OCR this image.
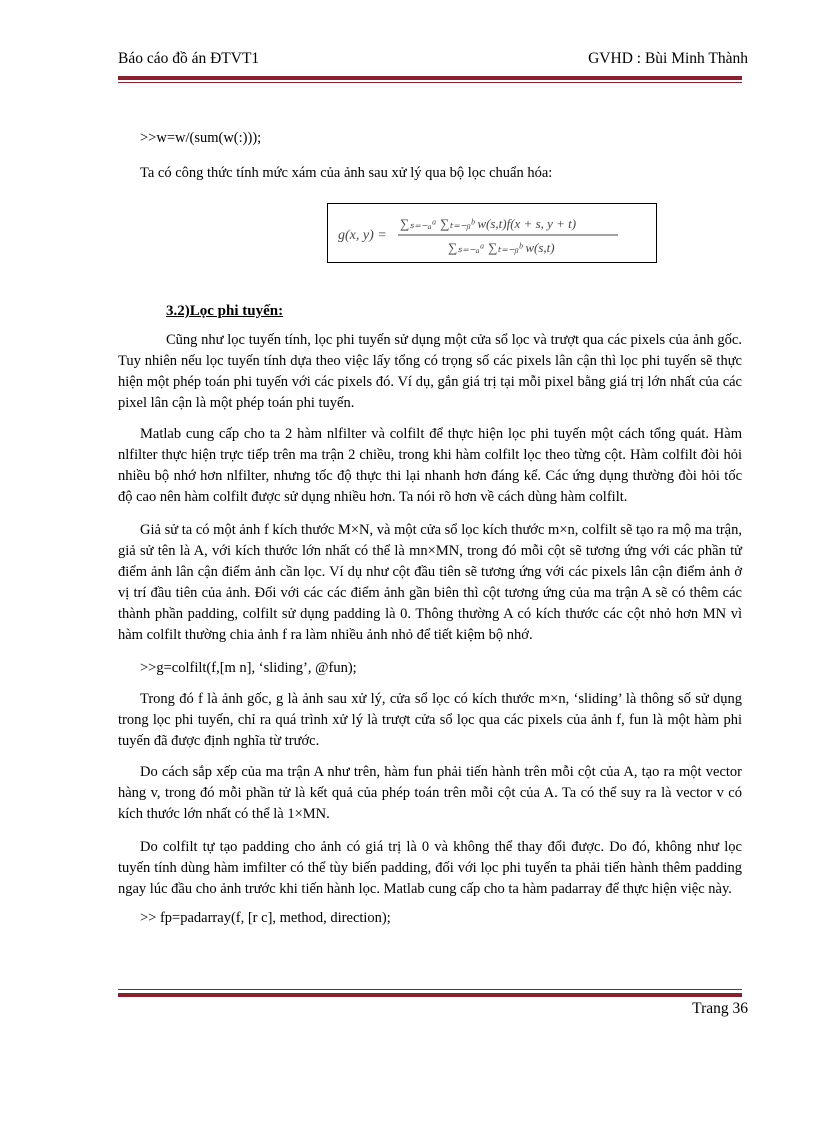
Báo cáo đồ án ĐTVT1	GVHD : Bùi Minh Thành
g(x, y) =
∑ₛ₌₋ₐᵃ ∑ₜ₌₋ᵦᵇ w(s,t)f(x + s, y + t)
∑ₛ₌₋ₐᵃ ∑ₜ₌₋ᵦᵇ w(s,t)

>>w=w/(sum(w(:)));

Ta có công thức tính mức xám của ảnh sau xử lý qua bộ lọc chuẩn hóa:

3.2)Lọc phi tuyến:

Cũng như lọc tuyến tính, lọc phi tuyến sử dụng một cửa sổ lọc và trượt qua các pixels của ảnh gốc. Tuy nhiên nếu lọc tuyến tính dựa theo việc lấy tổng có trọng số các pixels lân cận thì lọc phi tuyến sẽ thực hiện một phép toán phi tuyến với các pixels đó. Ví dụ, gắn giá trị tại mỗi pixel bằng giá trị lớn nhất của các pixel lân cận là một phép toán phi tuyến.

Matlab cung cấp cho ta 2 hàm nlfilter và colfilt để thực hiện lọc phi tuyến một cách tổng quát. Hàm nlfilter thực hiện trực tiếp trên ma trận 2 chiều, trong khi hàm colfilt lọc theo từng cột. Hàm colfilt đòi hỏi nhiều bộ nhớ hơn nlfilter, nhưng tốc độ thực thi lại nhanh hơn đáng kể. Các ứng dụng thường đòi hỏi tốc độ cao nên hàm colfilt được sử dụng nhiều hơn. Ta nói rõ hơn về cách dùng hàm colfilt.

Giả sử ta có một ảnh f kích thước M×N, và một cửa sổ lọc kích thước m×n, colfilt sẽ tạo ra mộ ma trận, giả sử tên là A, với kích thước lớn nhất có thể là mn×MN, trong đó mỗi cột sẽ tương ứng với các phần tử điểm ảnh lân cận điểm ảnh cần lọc. Ví dụ như cột đầu tiên sẽ tương ứng với các pixels lân cận điểm ảnh ở vị trí đầu tiên của ảnh. Đối với các các điểm ảnh gần biên thì cột tương ứng của ma trận A sẽ có thêm các thành phần padding, colfilt sử dụng padding là 0. Thông thường A có kích thước các cột nhỏ hơn MN vì hàm colfilt thường chia ảnh f ra làm nhiều ảnh nhỏ để tiết kiệm bộ nhớ.

>>g=colfilt(f,[m n], ‘sliding’, @fun);

Trong đó f là ảnh gốc, g là ảnh sau xử lý, cửa sổ lọc có kích thước m×n, ‘sliding’ là thông số sử dụng trong lọc phi tuyến, chỉ ra quá trình xử lý là trượt cửa sổ lọc qua các pixels của ảnh f, fun là một hàm phi tuyến đã được định nghĩa từ trước.

Do cách sắp xếp của ma trận A như trên, hàm fun phải tiến hành trên mỗi cột của A, tạo ra một vector hàng v, trong đó mỗi phần tử là kết quả của phép toán trên mỗi cột của A. Ta có thể suy ra là vector v có kích thước lớn nhất có thể là 1×MN.

Do colfilt tự tạo padding cho ảnh có giá trị là 0 và không thể thay đổi được. Do đó, không như lọc tuyến tính dùng hàm imfilter có thể tùy biến padding, đối với lọc phi tuyến ta phải tiến hành thêm padding ngay lúc đầu cho ảnh trước khi tiến hành lọc. Matlab cung cấp cho ta hàm padarray để thực hiện việc này.

>> fp=padarray(f, [r c], method, direction);

Trang 36
